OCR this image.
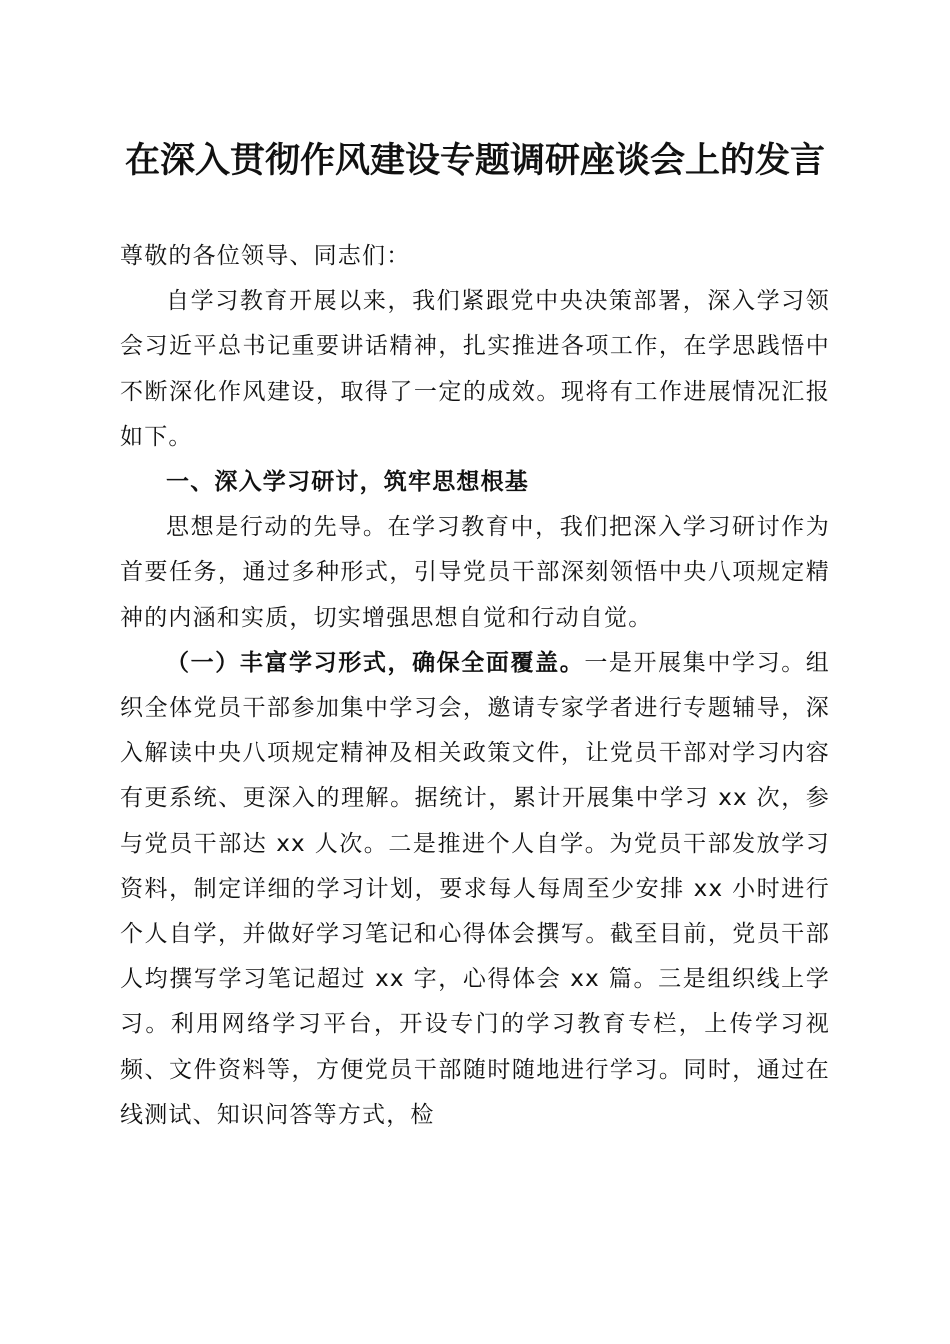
在深入贯彻作风建设专题调研座谈会上的发言

尊敬的各位领导、同志们：

自学习教育开展以来，我们紧跟党中央决策部署，深入学习领会习近平总书记重要讲话精神，扎实推进各项工作，在学思践悟中不断深化作风建设，取得了一定的成效。现将有工作进展情况汇报如下。

一、深入学习研讨，筑牢思想根基

思想是行动的先导。在学习教育中，我们把深入学习研讨作为首要任务，通过多种形式，引导党员干部深刻领悟中央八项规定精神的内涵和实质，切实增强思想自觉和行动自觉。

（一）丰富学习形式，确保全面覆盖。一是开展集中学习。组织全体党员干部参加集中学习会，邀请专家学者进行专题辅导，深入解读中央八项规定精神及相关政策文件，让党员干部对学习内容有更系统、更深入的理解。据统计，累计开展集中学习 xx 次，参与党员干部达 xx 人次。二是推进个人自学。为党员干部发放学习资料，制定详细的学习计划，要求每人每周至少安排 xx 小时进行个人自学，并做好学习笔记和心得体会撰写。截至目前，党员干部人均撰写学习笔记超过 xx 字，心得体会 xx 篇。三是组织线上学习。利用网络学习平台，开设专门的学习教育专栏，上传学习视频、文件资料等，方便党员干部随时随地进行学习。同时，通过在线测试、知识问答等方式，检
